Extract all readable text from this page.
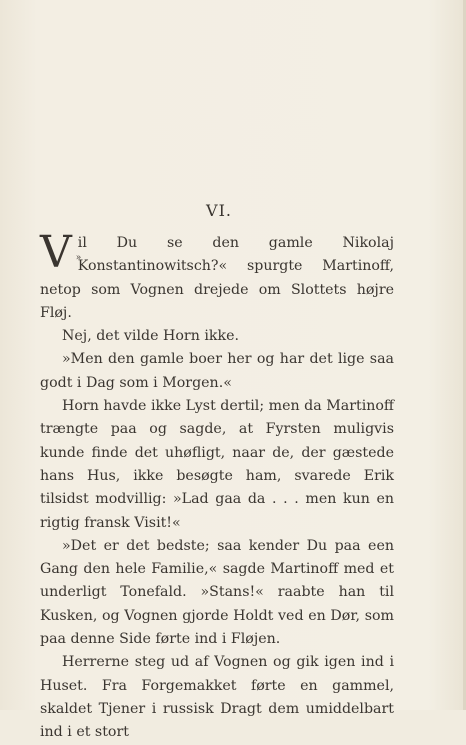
VI.

V »
il Du se den gamle Nikolaj Konstantinowitsch?« spurgte Martinoff, netop som Vognen drejede om Slottets højre Fløj.

Nej, det vilde Horn ikke.

»Men den gamle boer her og har det lige saa godt i Dag som i Morgen.«

Horn havde ikke Lyst dertil; men da Martinoff trængte paa og sagde, at Fyrsten muligvis kunde finde det uhøfligt, naar de, der gæstede hans Hus, ikke besøgte ham, svarede Erik tilsidst modvillig: »Lad gaa da . . . men kun en rigtig fransk Visit!«

»Det er det bedste; saa kender Du paa een Gang den hele Familie,« sagde Martinoff med et underligt Tonefald. »Stans!« raabte han til Kusken, og Vognen gjorde Holdt ved en Dør, som paa denne Side førte ind i Fløjen.

Herrerne steg ud af Vognen og gik igen ind i Huset. Fra Forgemakket førte en gammel, skaldet Tjener i russisk Dragt dem umiddelbart ind i et stort
